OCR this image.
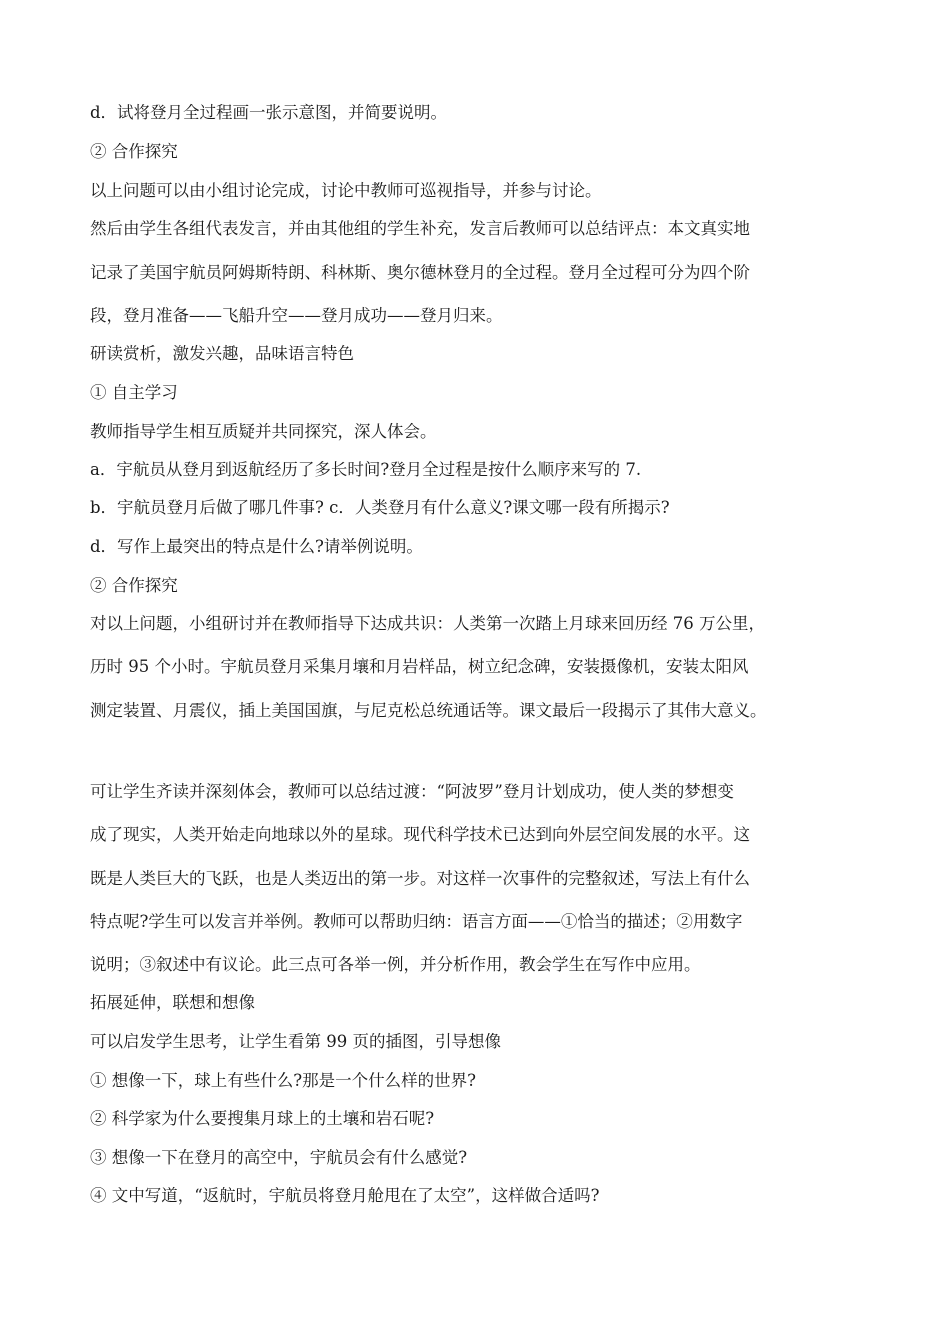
d．试将登月全过程画一张示意图，并简要说明。
② 合作探究
以上问题可以由小组讨论完成，讨论中教师可巡视指导，并参与讨论。
然后由学生各组代表发言，并由其他组的学生补充，发言后教师可以总结评点：本文真实地
记录了美国宇航员阿姆斯特朗、科林斯、奥尔德林登月的全过程。登月全过程可分为四个阶
段，登月准备——飞船升空——登月成功——登月归来。
研读赏析，激发兴趣，品味语言特色
① 自主学习
教师指导学生相互质疑并共同探究，深人体会。
a．宇航员从登月到返航经历了多长时间?登月全过程是按什么顺序来写的 7.
b．宇航员登月后做了哪几件事? c．人类登月有什么意义?课文哪一段有所揭示?
d．写作上最突出的特点是什么?请举例说明。
② 合作探究
对以上问题，小组研讨并在教师指导下达成共识：人类第一次踏上月球来回历经 76 万公里，
历时 95 个小时。宇航员登月采集月壤和月岩样品，树立纪念碑，安装摄像机，安装太阳风
测定装置、月震仪，插上美国国旗，与尼克松总统通话等。课文最后一段揭示了其伟大意义。
可让学生齐读并深刻体会，教师可以总结过渡：“阿波罗”登月计划成功，使人类的梦想变
成了现实，人类开始走向地球以外的星球。现代科学技术已达到向外层空间发展的水平。这
既是人类巨大的飞跃，也是人类迈出的第一步。对这样一次事件的完整叙述，写法上有什么
特点呢?学生可以发言并举例。教师可以帮助归纳：语言方面——①恰当的描述；②用数字
说明；③叙述中有议论。此三点可各举一例，并分析作用，教会学生在写作中应用。
拓展延伸，联想和想像
可以启发学生思考，让学生看第 99 页的插图，引导想像
① 想像一下，球上有些什么?那是一个什么样的世界?
② 科学家为什么要搜集月球上的土壤和岩石呢?
③ 想像一下在登月的高空中，宇航员会有什么感觉?
④ 文中写道，“返航时，宇航员将登月舱甩在了太空”，这样做合适吗?
